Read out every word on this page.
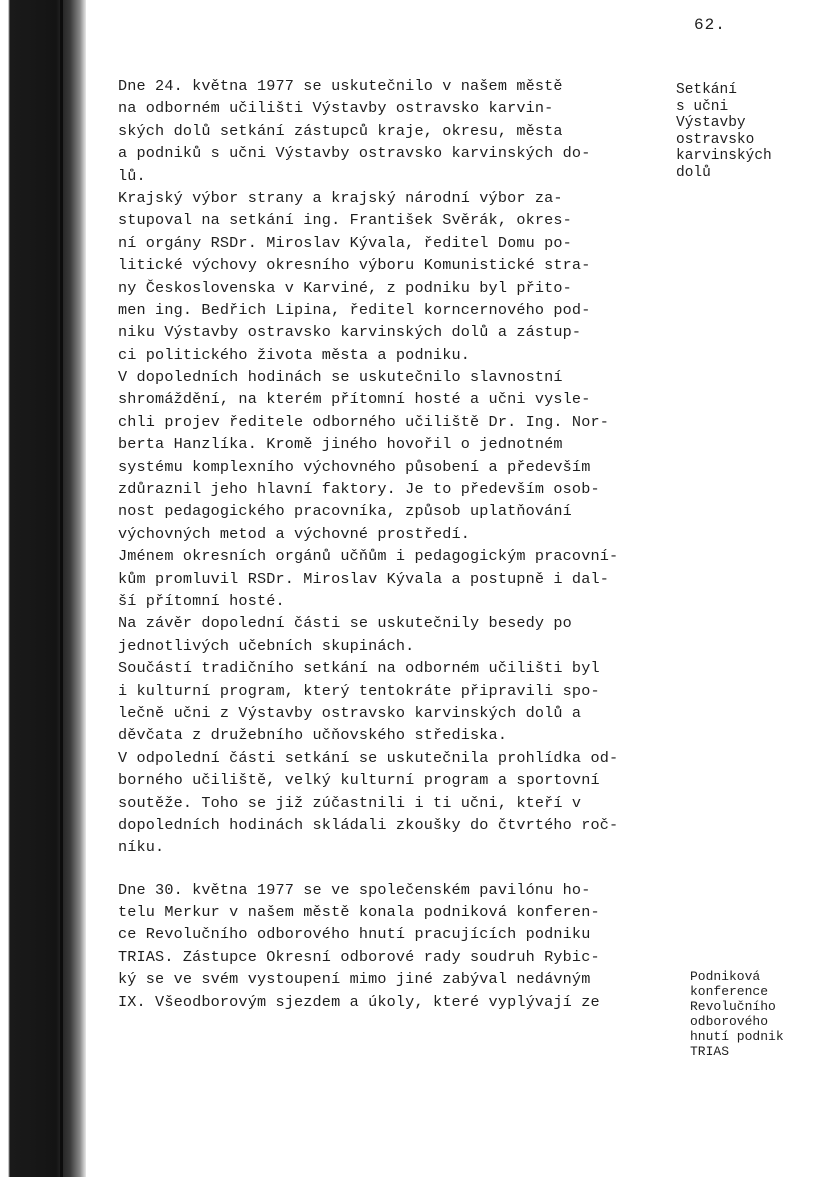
62.
Dne 24. května 1977 se uskutečnilo v našem městě
na odborném učilišti Výstavby ostravsko karvin-
ských dolů setkání zástupců kraje, okresu, města
a podniků s učni Výstavby ostravsko karvinských do-
lů.
Krajský výbor strany a krajský národní výbor za-
stupoval na setkání ing. František Svěrák, okres-
ní orgány RSDr. Miroslav Kývala, ředitel Domu po-
litické výchovy okresního výboru Komunistické stra-
ny Československa v Karviné, z podniku byl přito-
men ing. Bedřich Lipina, ředitel korncernového pod-
niku Výstavby ostravsko karvinských dolů a zástup-
ci politického života města a podniku.
V dopoledních hodinách se uskutečnilo slavnostní
shromáždění, na kterém přítomní hosté a učni vysle-
chli projev ředitele odborného učiliště Dr. Ing. Nor-
berta Hanzlíka. Kromě jiného hovořil o jednotném
systému komplexního výchovného působení a především
zdůraznil jeho hlavní faktory. Je to především osob-
nost pedagogického pracovníka, způsob uplatňování
výchovných metod a výchovné prostředí.
Jménem okresních orgánů učňům i pedagogickým pracovní-
kům promluvil RSDr. Miroslav Kývala a postupně i dal-
ší přítomní hosté.
Na závěr dopolední části se uskutečnily besedy po
jednotlivých učebních skupinách.
Součástí tradičního setkání na odborném učilišti byl
i kulturní program, který tentokráte připravili spo-
lečně učni z Výstavby ostravsko karvinských dolů a
děvčata z družebního učňovského střediska.
V odpolední části setkání se uskutečnila prohlídka od-
borného učiliště, velký kulturní program a sportovní
soutěže. Toho se již zúčastnili i ti učni, kteří v
dopoledních hodinách skládali zkoušky do čtvrtého roč-
níku.
Dne 30. května 1977 se ve společenském pavilónu ho-
telu Merkur v našem městě konala podniková konferen-
ce Revolučního odborového hnutí pracujících podniku
TRIAS. Zástupce Okresní odborové rady soudruh Rybic-
ký se ve svém vystoupení mimo jiné zabýval nedávným
IX. Všeodborovým sjezdem a úkoly, které vyplývají ze
Setkání
s učni
Výstavby
ostravsko
karvinských
dolů
Podniková
konference
Revolučního
odborového
hnutí podnik
TRIAS
